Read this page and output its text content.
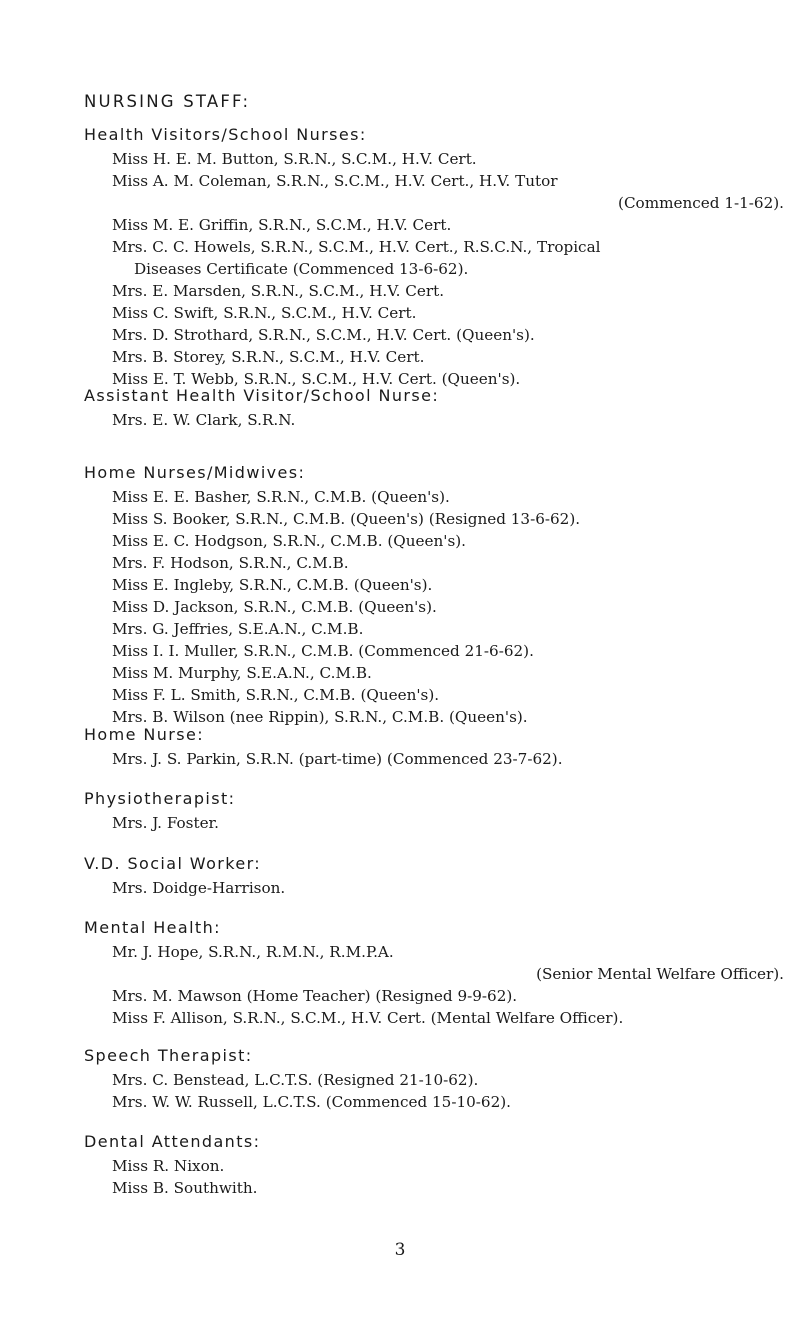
NURSING STAFF:
Health Visitors/School Nurses:

Miss H. E. M. Button, S.R.N., S.C.M., H.V. Cert.

Miss A. M. Coleman, S.R.N., S.C.M., H.V. Cert., H.V. Tutor
(Commenced 1-1-62).

Miss M. E. Griffin, S.R.N., S.C.M., H.V. Cert.

Mrs. C. C. Howels, S.R.N., S.C.M., H.V. Cert., R.S.C.N., Tropical
Diseases Certificate (Commenced 13-6-62).

Mrs. E. Marsden, S.R.N., S.C.M., H.V. Cert.

Miss C. Swift, S.R.N., S.C.M., H.V. Cert.

Mrs. D. Strothard, S.R.N., S.C.M., H.V. Cert. (Queen's).

Mrs. B. Storey, S.R.N., S.C.M., H.V. Cert.

Miss E. T. Webb, S.R.N., S.C.M., H.V. Cert. (Queen's).

Assistant Health Visitor/School Nurse:

Mrs. E. W. Clark, S.R.N.

Home Nurses/Midwives:

Miss E. E. Basher, S.R.N., C.M.B. (Queen's).

Miss S. Booker, S.R.N., C.M.B. (Queen's) (Resigned 13-6-62).

Miss E. C. Hodgson, S.R.N., C.M.B. (Queen's).

Mrs. F. Hodson, S.R.N., C.M.B.

Miss E. Ingleby, S.R.N., C.M.B. (Queen's).

Miss D. Jackson, S.R.N., C.M.B. (Queen's).

Mrs. G. Jeffries, S.E.A.N., C.M.B.

Miss I. I. Muller, S.R.N., C.M.B. (Commenced 21-6-62).

Miss M. Murphy, S.E.A.N., C.M.B.

Miss F. L. Smith, S.R.N., C.M.B. (Queen's).

Mrs. B. Wilson (nee Rippin), S.R.N., C.M.B. (Queen's).

Home Nurse:

Mrs. J. S. Parkin, S.R.N. (part-time) (Commenced 23-7-62).

Physiotherapist:

Mrs. J. Foster.

V.D. Social Worker:

Mrs. Doidge-Harrison.

Mental Health:

Mr. J. Hope, S.R.N., R.M.N., R.M.P.A.
(Senior Mental Welfare Officer).

Mrs. M. Mawson (Home Teacher) (Resigned 9-9-62).

Miss F. Allison, S.R.N., S.C.M., H.V. Cert. (Mental Welfare Officer).

Speech Therapist:

Mrs. C. Benstead, L.C.T.S. (Resigned 21-10-62).

Mrs. W. W. Russell, L.C.T.S. (Commenced 15-10-62).

Dental Attendants:

Miss R. Nixon.

Miss B. Southwith.

3
